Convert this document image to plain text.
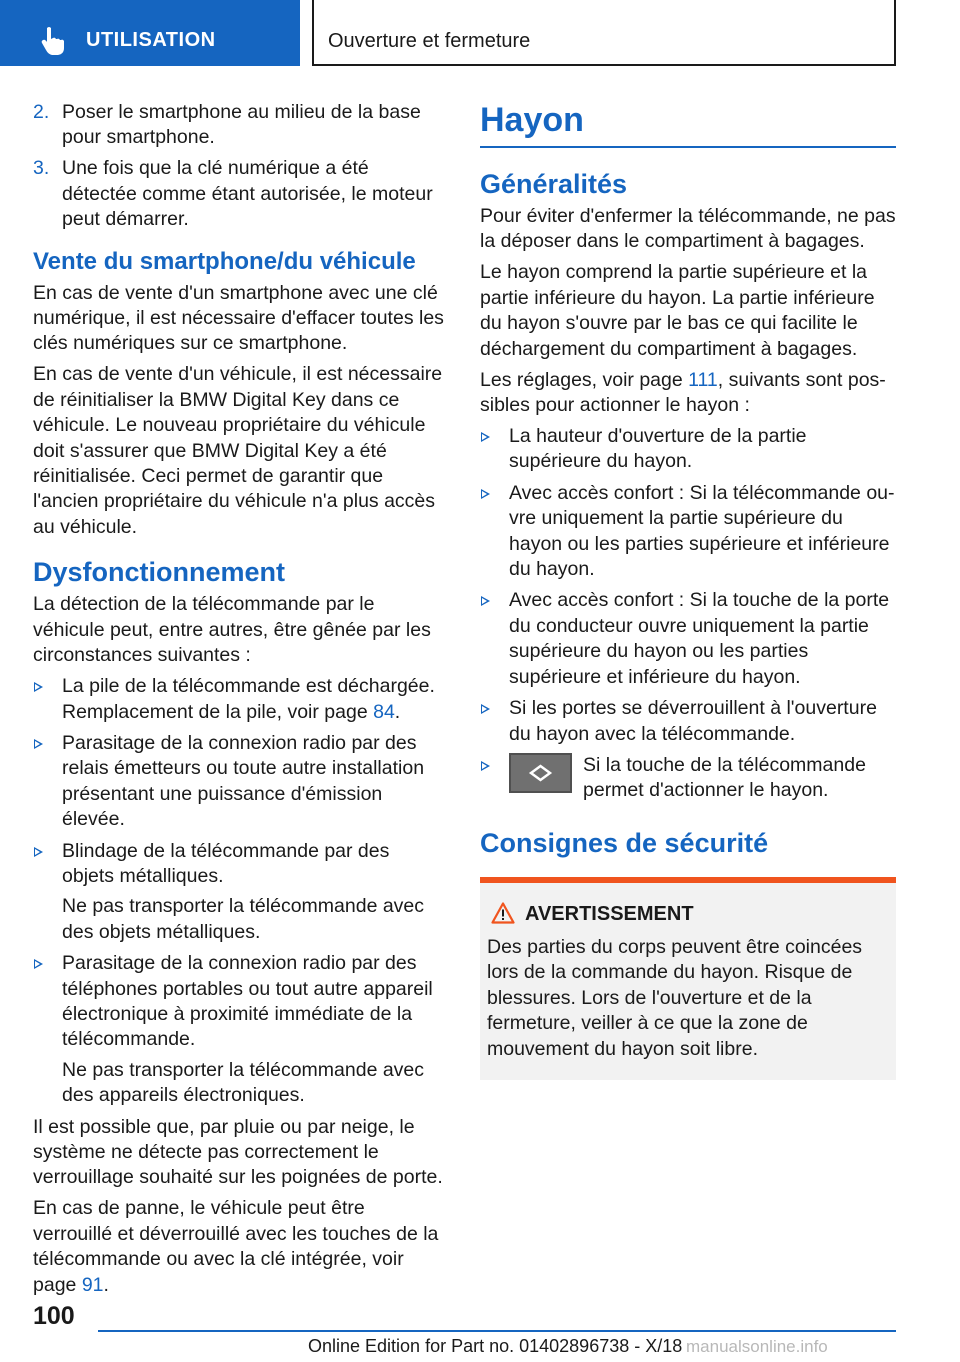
UTILISATION	Ouverture et fermeture
2. Poser le smartphone au milieu de la base pour smartphone.
3. Une fois que la clé numérique a été détectée comme étant autorisée, le moteur peut démarrer.
Vente du smartphone/du véhicule

En cas de vente d'un smartphone avec une clé numérique, il est nécessaire d'effacer toutes les clés numériques sur ce smartphone.

En cas de vente d'un véhicule, il est nécessaire de réinitialiser la BMW Digital Key dans ce véhicule. Le nouveau propriétaire du véhicule doit s'assurer que BMW Digital Key a été réinitialisée. Ceci permet de garantir que l'ancien propriétaire du véhicule n'a plus accès au véhicule.

Dysfonctionnement

La détection de la télécommande par le véhicule peut, entre autres, être gênée par les circonstances suivantes :

La pile de la télécommande est déchargée. Remplacement de la pile, voir page 84.
Parasitage de la connexion radio par des relais émetteurs ou toute autre installation présentant une puissance d'émission élevée.
Blindage de la télécommande par des objets métalliques.
Ne pas transporter la télécommande avec des objets métalliques.
Parasitage de la connexion radio par des téléphones portables ou tout autre appareil électronique à proximité immédiate de la télécommande.
Ne pas transporter la télécommande avec des appareils électroniques.

Il est possible que, par pluie ou par neige, le système ne détecte pas correctement le verrouillage souhaité sur les poignées de porte.

En cas de panne, le véhicule peut être verrouillé et déverrouillé avec les touches de la télécommande ou avec la clé intégrée, voir page 91.

Hayon
Généralités

Pour éviter d'enfermer la télécommande, ne pas la déposer dans le compartiment à bagages.

Le hayon comprend la partie supérieure et la partie inférieure du hayon. La partie inférieure du hayon s'ouvre par le bas ce qui facilite le déchargement du compartiment à bagages.

Les réglages, voir page 111, suivants sont possibles pour actionner le hayon :

La hauteur d'ouverture de la partie supérieure du hayon.
Avec accès confort : Si la télécommande ouvre uniquement la partie supérieure du hayon ou les parties supérieure et inférieure du hayon.
Avec accès confort : Si la touche de la porte du conducteur ouvre uniquement la partie supérieure du hayon ou les parties supérieure et inférieure du hayon.
Si les portes se déverrouillent à l'ouverture du hayon avec la télécommande.
Si la touche de la télécommande permet d'actionner le hayon.
Consignes de sécurité
AVERTISSEMENT

Des parties du corps peuvent être coincées lors de la commande du hayon. Risque de blessures. Lors de l'ouverture et de la fermeture, veiller à ce que la zone de mouvement du hayon soit libre.

100
Online Edition for Part no. 01402896738 - X/18 manualsonline.info
